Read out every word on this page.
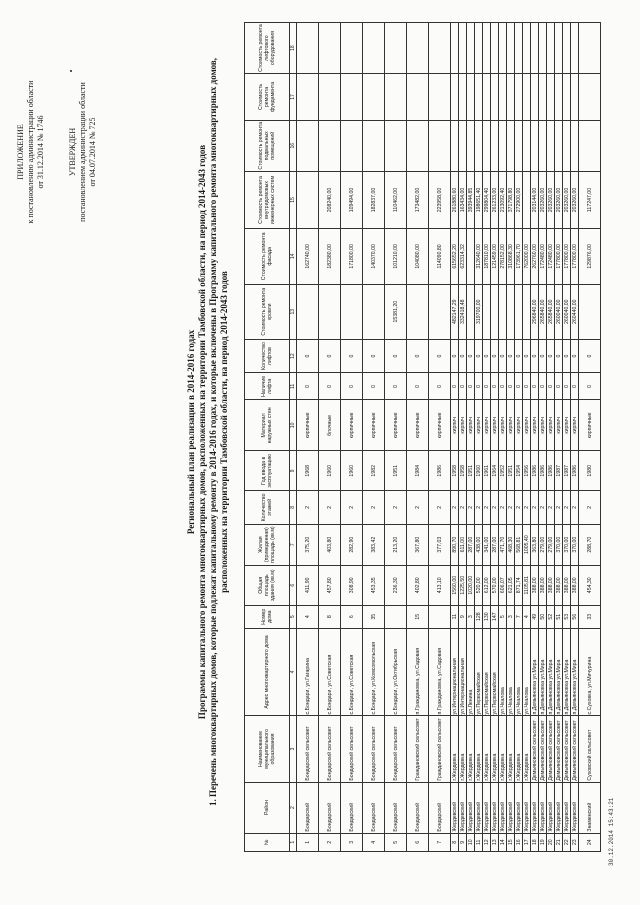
ПРИЛОЖЕНИЕ к постановлению администрации области от 31.12.2014 № 1746	УТВЕРЖДЕН постановлением администрации области от 04.07.2014 № 725
Региональный план реализации в 2014-2016 годах Программы капитального ремонта многоквартирных домов, расположенных на территории Тамбовской области, на период 2014-2043 годов 1. Перечень многоквартирных домов, которые подлежат капитальному ремонту в 2014-2016 годах, и которые включены в Программу капитального ремонта многоквартирных домов, расположенных на территории Тамбовской области, на период 2014-2043 годов
№	Район	Наименование муниципального образования	Адрес многоквартирного дома	Номер дома	Общая площадь здания (кв.м)	Жилая (приведенная) площадь (кв.м)	Количество этажей	Год ввода в эксплуатацию	Материал наружных стен	Наличие лифта	Количество лифтов	Стоимость ремонта кровли	Стоимость ремонта фасада	Стоимость ремонта внутридомовых инженерных систем	Стоимость ремонта подвальных помещений	Стоимость ремонта фундамента	Стоимость ремонта лифтового оборудования
1	2	3	4	5	6	7	8	9	10	11	12	13	14	15	16	17	18
1	Бондарский	Бондарский сельсовет	с.Бондари, ул.Гагарина	4	411,90	375,20	2	1968	кирпичные	0	0		162740,00				
2	Бондарский	Бондарский сельсовет	с.Бондари, ул.Советская	8	457,80	403,80	2	1960	блочные	0	0		182380,00	208240,00			
3	Бондарский	Бондарский сельсовет	с.Бондари, ул.Советская	6	308,90	282,90	2	1960	кирпичные	0	0		171800,00	109494,00			
4	Бондарский	Бондарский сельсовет	с.Бондари, ул.Комсомольская	35	453,35	383,42	2	1982	кирпичные	0	0		140370,00	182837,00			
5	Бондарский	Бондарский сельсовет	с.Бондари, ул.Октябрьская		236,30	213,20	2	1951	кирпичные	0	0	15381,20	101210,00	110462,00			
6	Бондарский	Граждановский сельсовет	п.Граждановка, ул.Садовая	15	402,80	367,80	2	1984	кирпичные	0	0		104080,00	173482,00			
7	Бондарский	Граждановский сельсовет	п.Граждановка, ул.Садовая		413,10	377,03	2	1986	кирпичные	0	0		114090,80	223958,00			
8	Жердевский	г.Жердевка	ул.Интернациональная	11	1560,00	890,70	2	1958	кирпич	0	0	482147,29	615652,20	261880,60			
9	Жердевский	г.Жердевка	ул.Интернациональная	9	1225,50	611,00	2	1958	кирпич	0	0	332418,48	623314,32	163434,00			
10	Жердевский	г.Жердевка	ул.Ленина	3	1020,00	287,00	2	1951	кирпич	0	0			393944,85			
11	Жердевский	г.Жердевка	ул.Первомайская	128	520,00	438,00	2	1960	кирпич	0	0	319700,00	312640,00	198651,40			
12	Жердевский	г.Жердевка	ул.Первомайская	130	612,00	341,00	2	1961	кирпич	0	0		187810,00	299804,40			
13	Жердевский	г.Жердевка	ул.Первомайская	147	570,00	287,00	2	1964	кирпич	0	0		121459,00	261233,00			
14	Жердевский	г.Жердевка	ул.Чкалова	5	606,07	471,70	2	1952	кирпич	0	0		278152,00	213092,40			
15	Жердевский	г.Жердевка	ул.Чкалова	3	621,05	468,30	2	1951	кирпич	0	0		310868,30	371798,80			
16	Жердевский	г.Жердевка	ул.Чкалова	7	871,74	568,81	2	1954	кирпич	0	0		173961,70	272900,00			
17	Жердевский	г.Жердевка	ул.Чкалова	4	1105,81	1005,40	2	1956	кирпич	0	0		762000,00				
18	Жердевский	Демьяновский сельсовет	п.Демьяновка ул.Мира	49	388,00	363,80	2	1986	кирпич	0	0	296840,00	262760,00	203144,00			
19	Жердевский	Демьяновский сельсовет	п.Демьяновка ул.Мира	50	388,00	279,00	2	1986	кирпич	0	0	265840,00	172480,00	203260,00			
20	Жердевский	Демьяновский сельсовет	п.Демьяновка ул.Мира	52	388,00	279,00	2	1986	кирпич	0	0	265840,00	172480,00	203260,00			
21	Жердевский	Демьяновский сельсовет	п.Демьяновка ул.Мира	51	388,00	370,00	2	1987	кирпич	0	0	260040,00	177800,00	203260,00			
22	Жердевский	Демьяновский сельсовет	п.Демьяновка ул.Мира	53	388,00	370,00	2	1987	кирпич	0	0	260040,00	177800,00	203260,00			
23	Жердевский	Демьяновский сельсовет	п.Демьяновка ул.Мира	56	388,00	370,00	2	1986	кирпич	0	0	260440,00	177800,00	203260,00			
24	Знаменский	Суховский сельсовет	с.Суховка, ул.Мичурина	33	454,30	288,70	2	1980	кирпичные	0	0		129876,00	117247,00			
30.12.2014 15:43:21
